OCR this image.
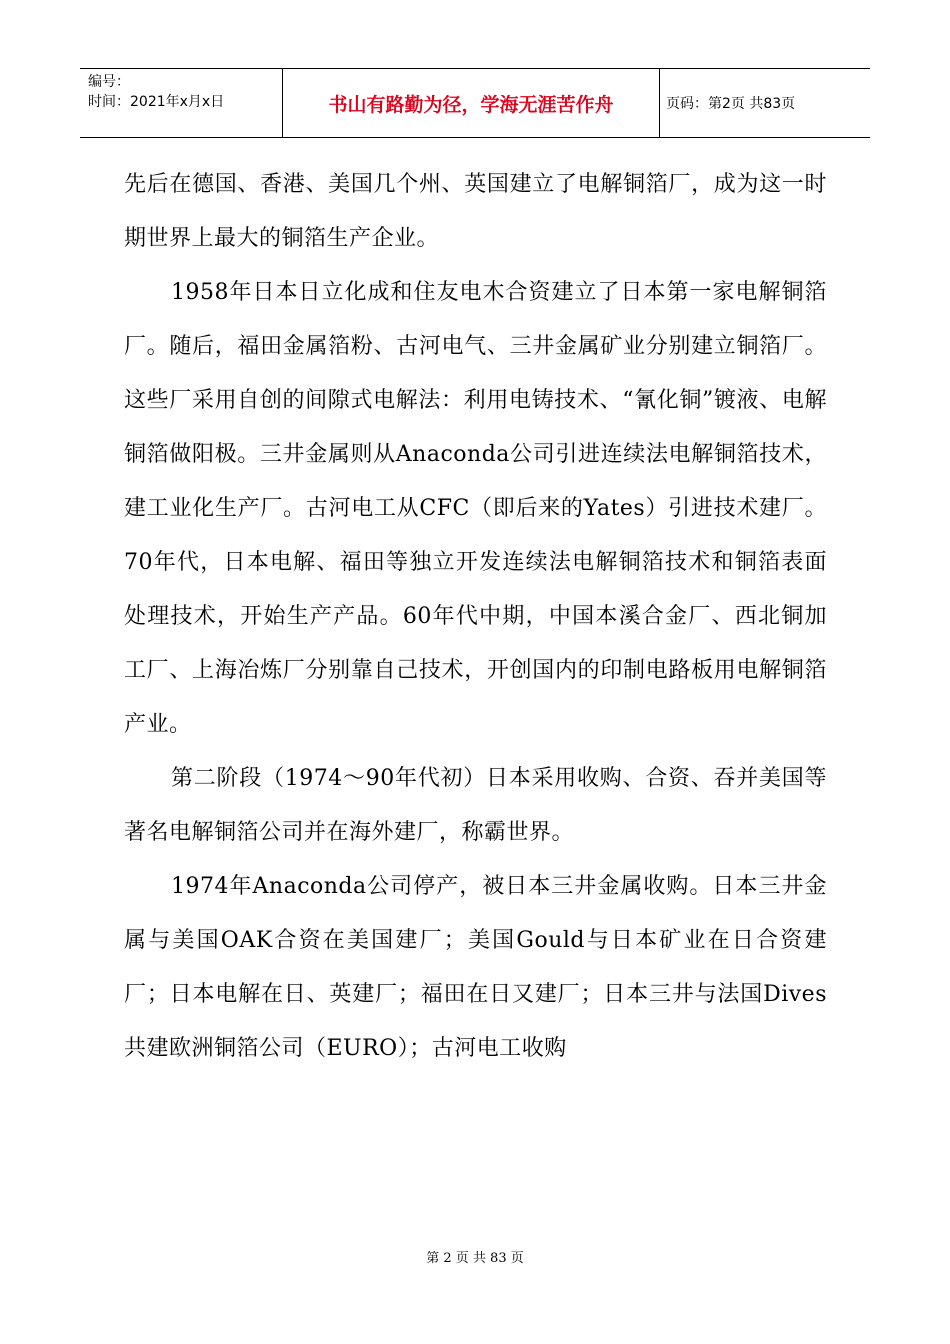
编号：
时间：2021年x月x日	书山有路勤为径，学海无涯苦作舟	页码：第2页 共83页

先后在德国、香港、美国几个州、英国建立了电解铜箔厂，成为这一时期世界上最大的铜箔生产企业。

1958年日本日立化成和住友电木合资建立了日本第一家电解铜箔厂。随后，福田金属箔粉、古河电气、三井金属矿业分别建立铜箔厂。这些厂采用自创的间隙式电解法：利用电铸技术、“氰化铜”镀液、电解铜箔做阳极。三井金属则从Anaconda公司引进连续法电解铜箔技术，建工业化生产厂。古河电工从CFC（即后来的Yates）引进技术建厂。70年代，日本电解、福田等独立开发连续法电解铜箔技术和铜箔表面处理技术，开始生产产品。60年代中期，中国本溪合金厂、西北铜加工厂、上海冶炼厂分别靠自己技术，开创国内的印制电路板用电解铜箔产业。

第二阶段（1974～90年代初）日本采用收购、合资、吞并美国等著名电解铜箔公司并在海外建厂，称霸世界。

1974年Anaconda公司停产，被日本三井金属收购。日本三井金属与美国OAK合资在美国建厂；美国Gould与日本矿业在日合资建厂；日本电解在日、英建厂；福田在日又建厂；日本三井与法国Dives 共建欧洲铜箔公司（EURO）；古河电工收购

第 2 页 共 83 页
